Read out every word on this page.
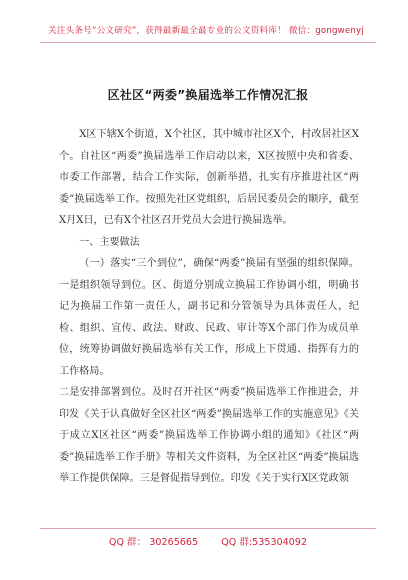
关注头条号“公文研究”，获得最新最全最专业的公文资料库！ 微信：gongwenyj
区社区“两委”换届选举工作情况汇报

X区下辖X个街道，X个社区，其中城市社区X个，村改居社区X个。自社区“两委”换届选举工作启动以来，X区按照中央和省委、市委工作部署，结合工作实际，创新举措，扎实有序推进社区“两委”换届选举工作。按照先社区党组织，后居民委员会的顺序，截至X月X日，已有X个社区召开党员大会进行换届选举。

一、主要做法

（一）落实“三个到位”，确保“两委”换届有坚强的组织保障。一是组织领导到位。区、街道分别成立换届工作协调小组，明确书记为换届工作第一责任人，副书记和分管领导为具体责任人，纪检、组织、宣传、政法、财政、民政、审计等X个部门作为成员单位，统筹协调做好换届选举有关工作，形成上下贯通、指挥有力的工作格局。

二是安排部署到位。及时召开社区“两委”换届选举工作推进会，并印发《关于认真做好全区社区“两委”换届选举工作的实施意见》《关于成立X区社区“两委”换届选举工作协调小组的通知》《社区“两委”换届选举工作手册》等相关文件资料，为全区社区“两委”换届选举工作提供保障。三是督促指导到位。印发《关于实行X区党政领

QQ 群： 30265665 QQ 群:535304092
